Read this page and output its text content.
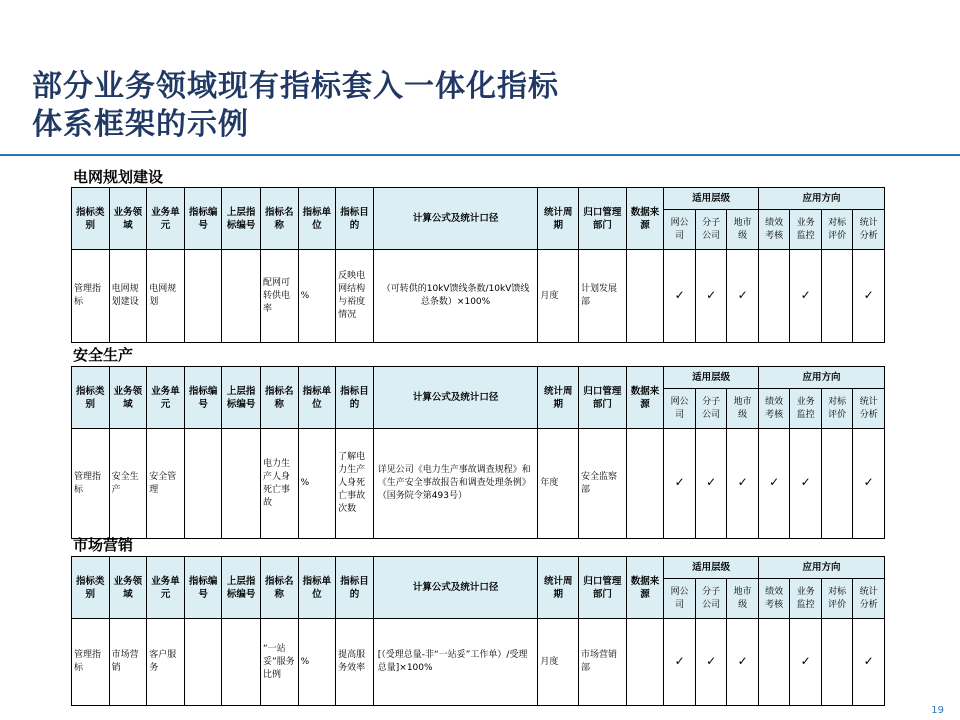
部分业务领域现有指标套入一体化指标
体系框架的示例
电网规划建设
指标类别	业务领域	业务单元	指标编号	上层指标编号	指标名称	指标单位	指标目的	计算公式及统计口径	统计周期	归口管理部门	数据来源	适用层级			应用方向			
												网公司	分子公司	地市级	绩效考核	业务监控	对标评价	统计分析
管理指标	电网规划建设	电网规划			配网可转供电率	%	反映电网结构与裕度情况	（可转供的10kV馈线条数/10kV馈线总条数）×100%	月度	计划发展部		✓	✓	✓		✓		✓
安全生产
指标类别	业务领域	业务单元	指标编号	上层指标编号	指标名称	指标单位	指标目的	计算公式及统计口径	统计周期	归口管理部门	数据来源	适用层级			应用方向			
												网公司	分子公司	地市级	绩效考核	业务监控	对标评价	统计分析
管理指标	安全生产	安全管理			电力生产人身死亡事故	%	了解电力生产人身死亡事故次数	详见公司《电力生产事故调查规程》和《生产安全事故报告和调查处理条例》（国务院令第493号）	年度	安全监察部		✓	✓	✓	✓	✓		✓
市场营销
指标类别	业务领域	业务单元	指标编号	上层指标编号	指标名称	指标单位	指标目的	计算公式及统计口径	统计周期	归口管理部门	数据来源	适用层级			应用方向			
												网公司	分子公司	地市级	绩效考核	业务监控	对标评价	统计分析
管理指标	市场营销	客户服务			“一站妥”服务比例	%	提高服务效率	[（受理总量-非“一站妥”工作单）/受理总量]×100%	月度	市场营销部		✓	✓	✓		✓		✓
19
